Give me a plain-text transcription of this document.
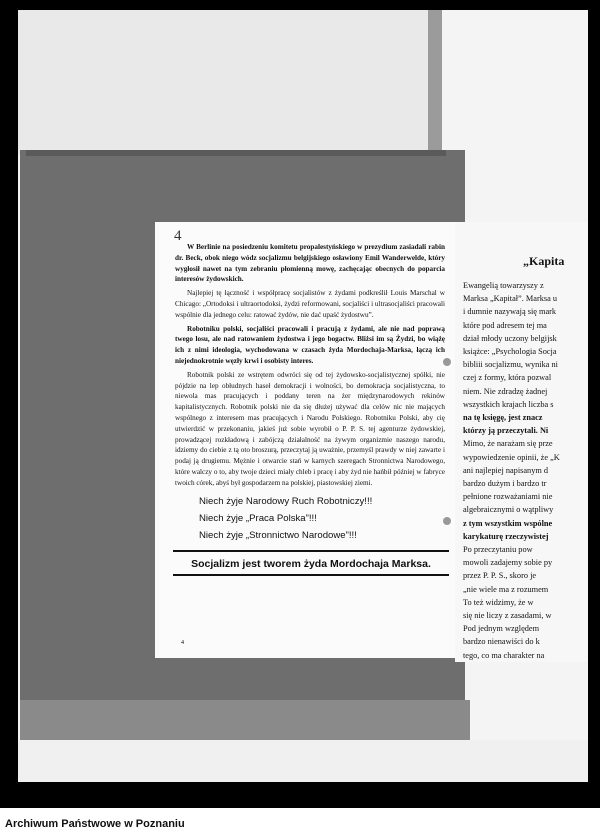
W Berlinie na posiedzeniu komitetu propalestyńskiego w prezydium zasiadali rabin dr. Beck, obok niego wódz socjalizmu belgijskiego osławiony Emil Wanderwelde, który wygłosił nawet na tym zebraniu płomienną mowę, zachęcając obecnych do poparcia interesów żydowskich.

Najlepiej tę łączność i współpracę socjalistów z żydami podkreślił Louis Marschal w Chicago: „Ortodoksi i ultraortodoksi, żydzi reformowani, socjaliści i ultrasocjaliści pracowali wspólnie dla jednego celu: ratować żydów, nie dać upaść żydostwu”.

Robotniku polski, socjaliści pracowali i pracują z żydami, ale nie nad poprawą twego losu, ale nad ratowaniem żydostwa i jego bogactw. Bliżsi im są Żydzi, bo wiążę ich z nimi ideologia, wychodowana w czasach żyda Mordochaja-Marksa, łączą ich niejednokrotnie węzły krwi i osobisty interes.

Robotnik polski ze wstrętem odwróci się od tej żydowsko-socjalistycznej spółki, nie pójdzie na lep obłudnych haseł demokracji i wolności, bo demokracja socjalistyczna, to niewola mas pracujących i poddany teren na żer międzynarodowych rekinów kapitalistycznych. Robotnik polski nie da się dłużej używać dla celów nic nie mających wspólnego z interesem mas pracujących i Narodu Polskiego. Robotniku Polski, aby cię utwierdzić w przekonaniu, jakieś już sobie wyrobił o P. P. S. tej agenturze żydowskiej, prowadzącej rozkładową i zabójczą działalność na żywym organizmie naszego narodu, idziemy do ciebie z tą oto broszurą, przeczytaj ją uważnie, przemyśl prawdy w niej zawarte i podaj ją drugiemu. Mężnie i otwarcie stań w karnych szeregach Stronnictwa Narodowego, które walczy o to, aby twoje dzieci miały chleb i pracę i aby żyd nie hańbił później w fabryce twoich córek, abyś był gospodarzem na polskiej, piastowskiej ziemi.

Niech żyje Narodowy Ruch Robotniczy!!!
Niech żyje „Praca Polska”!!!
Niech żyje „Stronnictwo Narodowe”!!!
Socjalizm jest tworem żyda Mordochaja Marksa.
4
4
„Kapita
Ewangelią towarzyszy z
Marksa „Kapitał”. Marksa u
i dumnie nazywają się mark
które pod adresem tej ma
dział młody uczony belgijsk
książce: „Psychologia Socja
bibliii socjalizmu, wynika ni
czej z formy, która pozwal
niem. Nie zdradzę żadnej
wszystkich krajach liczba s
na tę księgę, jest znacz
którzy ją przeczytali. Ni
Mimo, że narażam się prze
wypowiedzenie opinii, że „K
ani najlepiej napisanym d
bardzo dużym i bardzo tr
pełnione rozważaniami nie
algebraicznymi o wątpliwy
z tym wszystkim wspólne
karykaturę rzeczywistej
Po przeczytaniu pow
mowoli zadajemy sobie py
przez P. P. S., skoro je
„nie wiele ma z rozumem
To też widzimy, że w
się nie liczy z zasadami, w
Pod jednym względem
bardzo nienawiści do k
tego, co ma charakter na
Archiwum Państwowe w Poznaniu
